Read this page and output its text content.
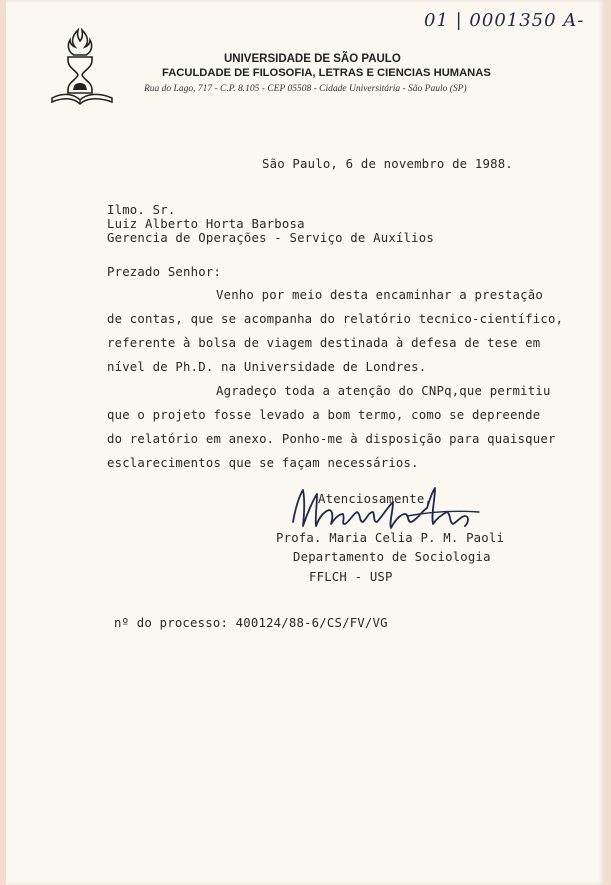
01 | 0001350 A-
UNIVERSIDADE DE SÃO PAULO
FACULDADE DE FILOSOFIA, LETRAS E CIENCIAS HUMANAS
Rua do Lago, 717 - C.P. 8.105 - CEP 05508 - Cidade Universitária - São Paulo (SP)
São Paulo, 6 de novembro de 1988.
Ilmo. Sr.
Luiz Alberto Horta Barbosa
Gerencia de Operações - Serviço de Auxílios
Prezado Senhor:
Venho por meio desta encaminhar a prestação
de contas, que se acompanha do relatório tecnico-científico,
referente à bolsa de viagem destinada à defesa de tese em
nível de Ph.D. na Universidade de Londres.
Agradeço toda a atenção do CNPq,que permitiu
que o projeto fosse levado a bom termo, como se depreende
do relatório em anexo. Ponho-me à disposição para quaisquer
esclarecimentos que se façam necessários.
Atenciosamente,
Profa. Maria Celia P. M. Paoli
Departamento de Sociologia
FFLCH - USP
nº do processo: 400124/88-6/CS/FV/VG
